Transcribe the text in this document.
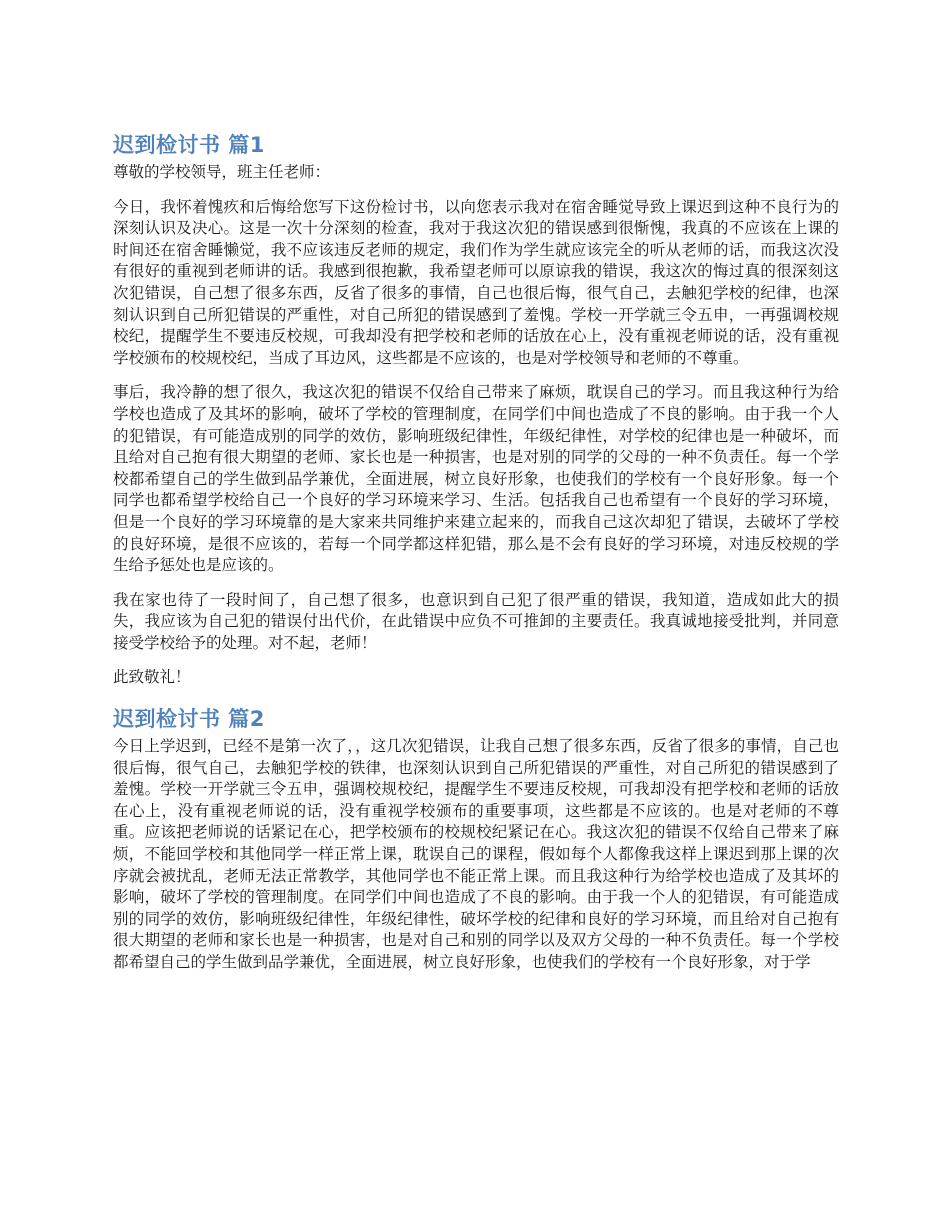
迟到检讨书 篇1

尊敬的学校领导，班主任老师：

今日，我怀着愧疚和后悔给您写下这份检讨书，以向您表示我对在宿舍睡觉导致上课迟到这种不良行为的深刻认识及决心。这是一次十分深刻的检查，我对于我这次犯的错误感到很惭愧，我真的不应该在上课的时间还在宿舍睡懒觉，我不应该违反老师的规定，我们作为学生就应该完全的听从老师的话，而我这次没有很好的重视到老师讲的话。我感到很抱歉，我希望老师可以原谅我的错误，我这次的悔过真的很深刻这次犯错误，自己想了很多东西，反省了很多的事情，自己也很后悔，很气自己，去触犯学校的纪律，也深刻认识到自己所犯错误的严重性，对自己所犯的错误感到了羞愧。学校一开学就三令五申，一再强调校规校纪，提醒学生不要违反校规，可我却没有把学校和老师的话放在心上，没有重视老师说的话，没有重视学校颁布的校规校纪，当成了耳边风，这些都是不应该的，也是对学校领导和老师的不尊重。

事后，我冷静的想了很久，我这次犯的错误不仅给自己带来了麻烦，耽误自己的学习。而且我这种行为给学校也造成了及其坏的影响，破坏了学校的管理制度，在同学们中间也造成了不良的影响。由于我一个人的犯错误，有可能造成别的同学的效仿，影响班级纪律性，年级纪律性，对学校的纪律也是一种破坏，而且给对自己抱有很大期望的老师、家长也是一种损害，也是对别的同学的父母的一种不负责任。每一个学校都希望自己的学生做到品学兼优，全面进展，树立良好形象，也使我们的学校有一个良好形象。每一个同学也都希望学校给自己一个良好的学习环境来学习、生活。包括我自己也希望有一个良好的学习环境，但是一个良好的学习环境靠的是大家来共同维护来建立起来的，而我自己这次却犯了错误，去破坏了学校的良好环境，是很不应该的，若每一个同学都这样犯错，那么是不会有良好的学习环境，对违反校规的学生给予惩处也是应该的。

我在家也待了一段时间了，自己想了很多，也意识到自己犯了很严重的错误，我知道，造成如此大的损失，我应该为自己犯的错误付出代价，在此错误中应负不可推卸的主要责任。我真诚地接受批判，并同意接受学校给予的处理。对不起，老师！

此致敬礼！

迟到检讨书 篇2

今日上学迟到，已经不是第一次了，，这几次犯错误，让我自己想了很多东西，反省了很多的事情，自己也很后悔，很气自己，去触犯学校的铁律，也深刻认识到自己所犯错误的严重性，对自己所犯的错误感到了羞愧。学校一开学就三令五申，强调校规校纪，提醒学生不要违反校规，可我却没有把学校和老师的话放在心上，没有重视老师说的话，没有重视学校颁布的重要事项，这些都是不应该的。也是对老师的不尊重。应该把老师说的话紧记在心，把学校颁布的校规校纪紧记在心。我这次犯的错误不仅给自己带来了麻烦，不能回学校和其他同学一样正常上课，耽误自己的课程，假如每个人都像我这样上课迟到那上课的次序就会被扰乱，老师无法正常教学，其他同学也不能正常上课。而且我这种行为给学校也造成了及其坏的影响，破坏了学校的管理制度。在同学们中间也造成了不良的影响。由于我一个人的犯错误，有可能造成别的同学的效仿，影响班级纪律性，年级纪律性，破坏学校的纪律和良好的学习环境，而且给对自己抱有很大期望的老师和家长也是一种损害，也是对自己和别的同学以及双方父母的一种不负责任。每一个学校都希望自己的学生做到品学兼优，全面进展，树立良好形象，也使我们的学校有一个良好形象，对于学
